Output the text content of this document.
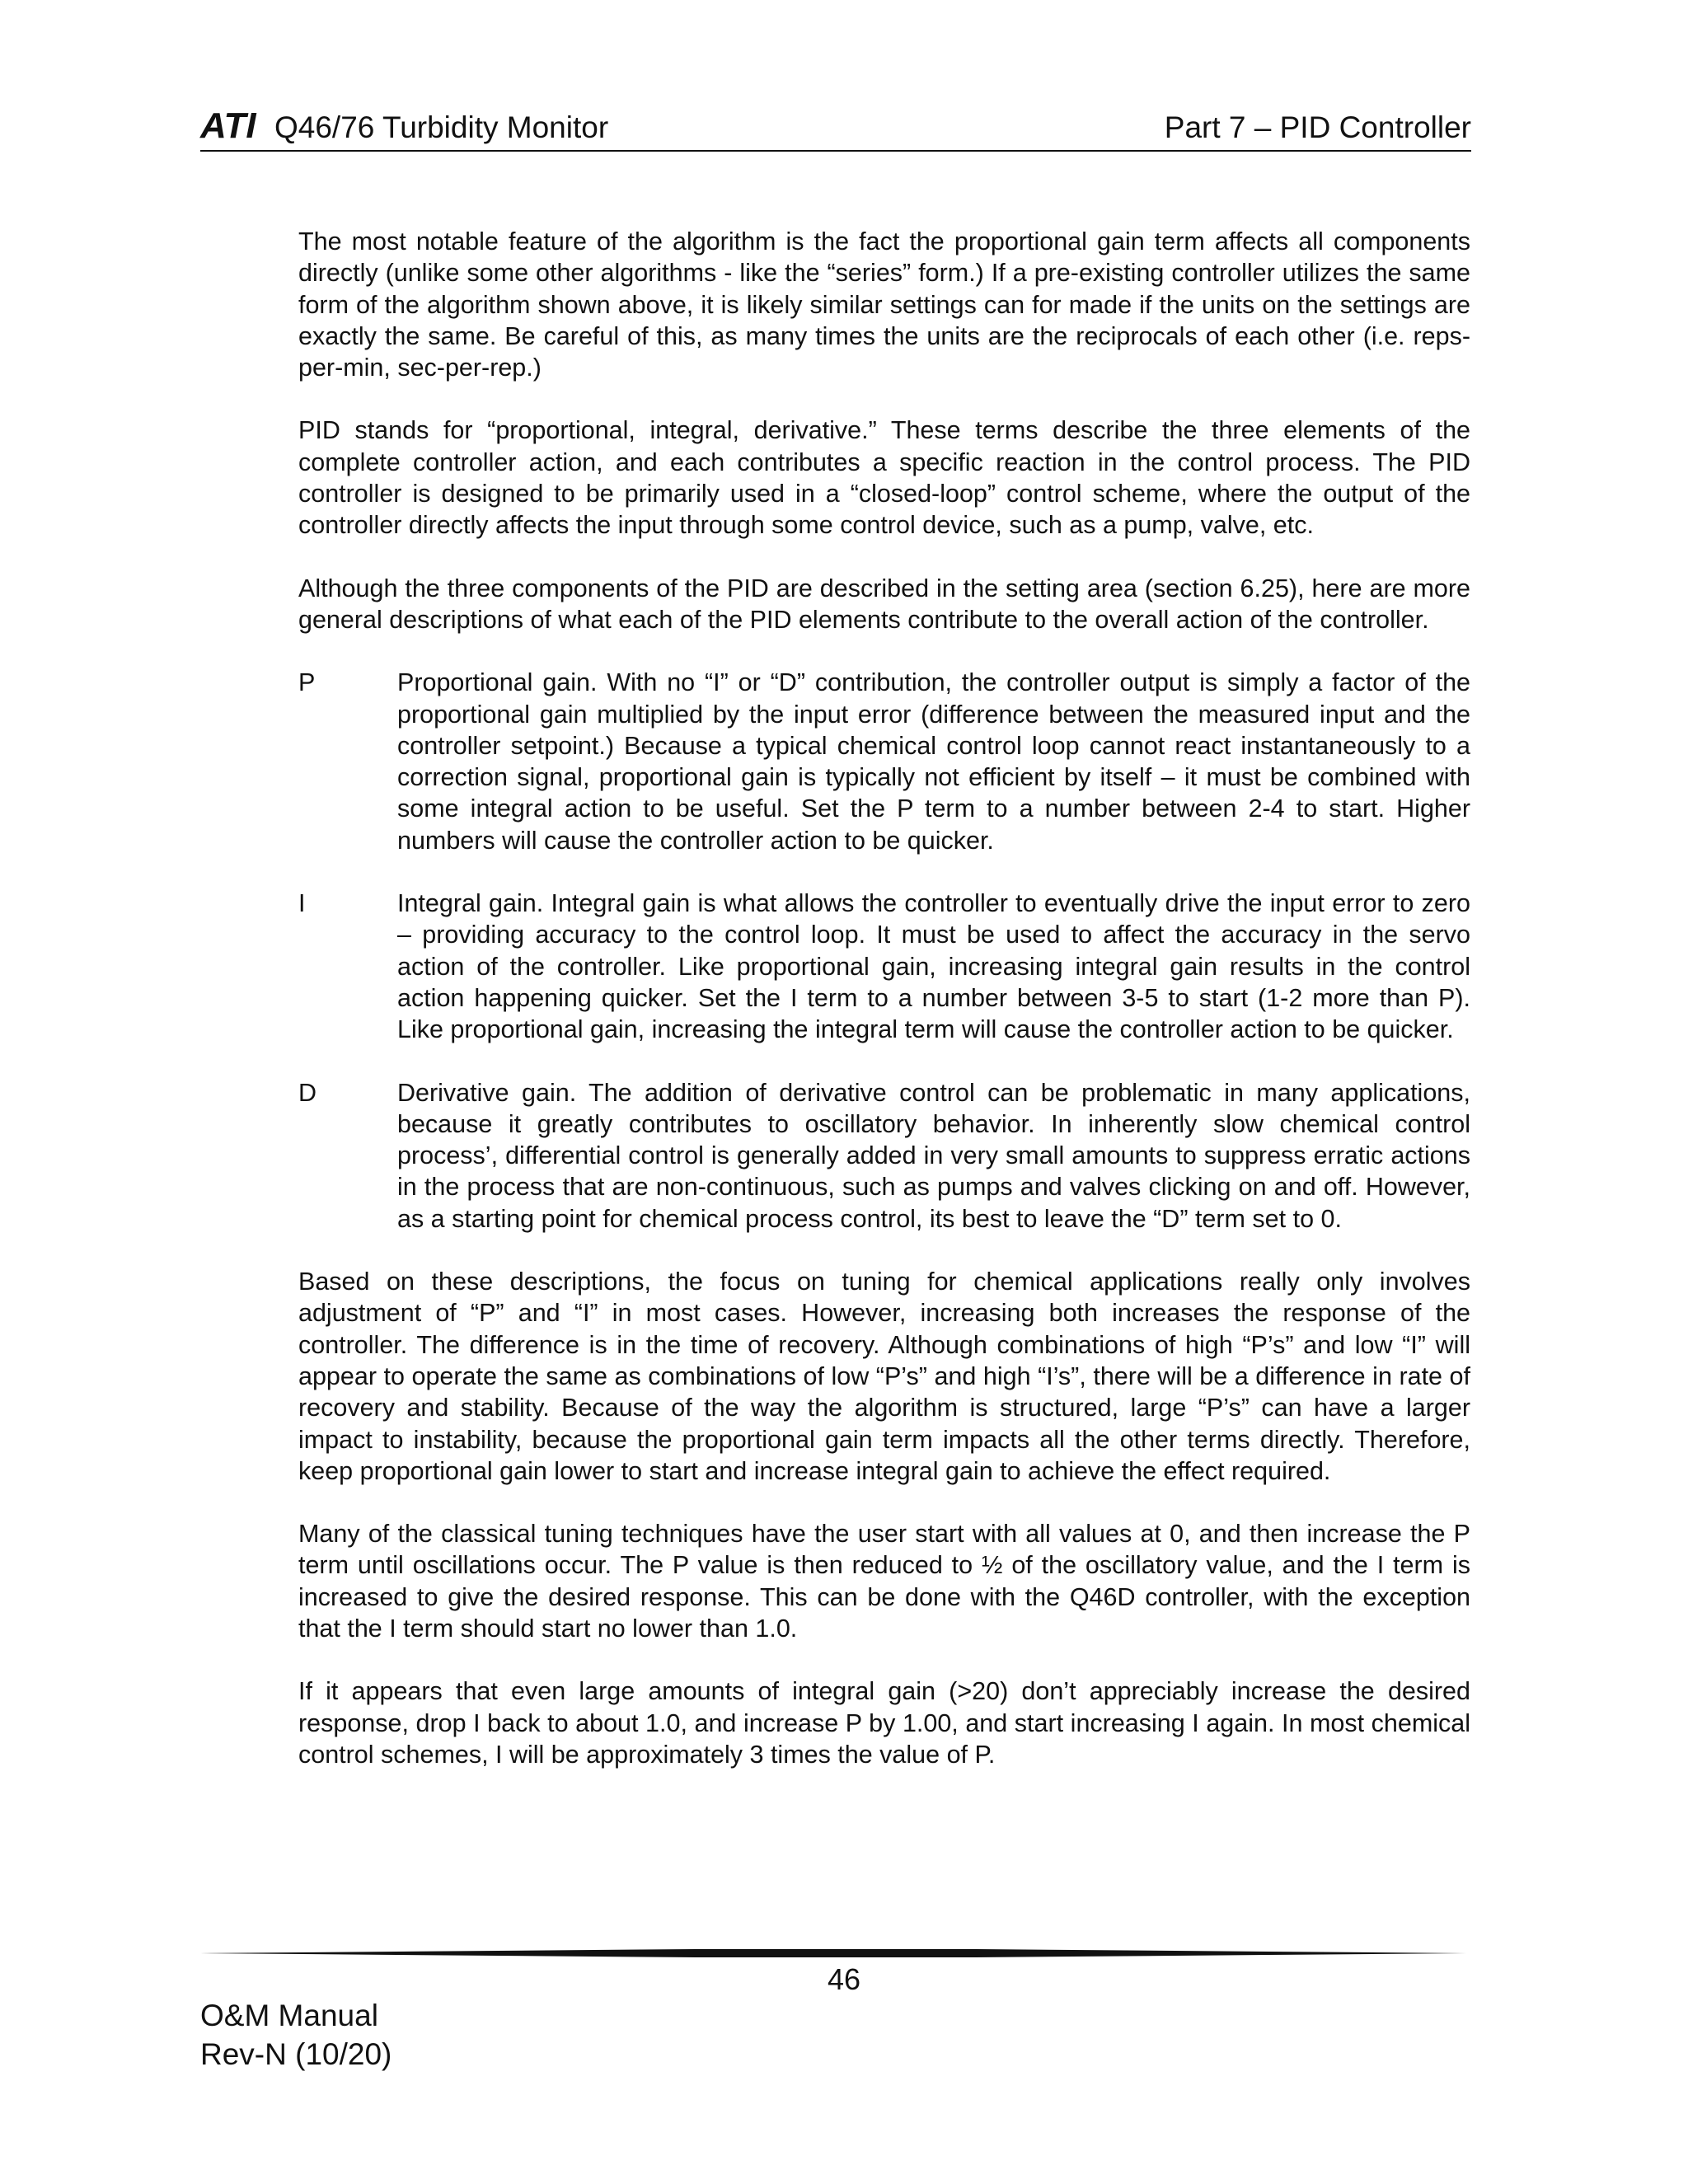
ATI Q46/76 Turbidity Monitor	Part 7 – PID Controller

The most notable feature of the algorithm is the fact the proportional gain term affects all components directly (unlike some other algorithms - like the “series” form.) If a pre-existing controller utilizes the same form of the algorithm shown above, it is likely similar settings can for made if the units on the settings are exactly the same. Be careful of this, as many times the units are the reciprocals of each other (i.e. reps-per-min, sec-per-rep.)

PID stands for “proportional, integral, derivative.” These terms describe the three elements of the complete controller action, and each contributes a specific reaction in the control process. The PID controller is designed to be primarily used in a “closed-loop” control scheme, where the output of the controller directly affects the input through some control device, such as a pump, valve, etc.

Although the three components of the PID are described in the setting area (section 6.25), here are more general descriptions of what each of the PID elements contribute to the overall action of the controller.

P	Proportional gain. With no “I” or “D” contribution, the controller output is simply a factor of the proportional gain multiplied by the input error (difference between the measured input and the controller setpoint.) Because a typical chemical control loop cannot react instantaneously to a correction signal, proportional gain is typically not efficient by itself – it must be combined with some integral action to be useful. Set the P term to a number between 2-4 to start. Higher numbers will cause the controller action to be quicker.
I	Integral gain. Integral gain is what allows the controller to eventually drive the input error to zero – providing accuracy to the control loop. It must be used to affect the accuracy in the servo action of the controller. Like proportional gain, increasing integral gain results in the control action happening quicker. Set the I term to a number between 3-5 to start (1-2 more than P). Like proportional gain, increasing the integral term will cause the controller action to be quicker.
D	Derivative gain. The addition of derivative control can be problematic in many applications, because it greatly contributes to oscillatory behavior. In inherently slow chemical control process’, differential control is generally added in very small amounts to suppress erratic actions in the process that are non-continuous, such as pumps and valves clicking on and off. However, as a starting point for chemical process control, its best to leave the “D” term set to 0.

Based on these descriptions, the focus on tuning for chemical applications really only involves adjustment of “P” and “I” in most cases. However, increasing both increases the response of the controller. The difference is in the time of recovery. Although combinations of high “P’s” and low “I” will appear to operate the same as combinations of low “P’s” and high “I’s”, there will be a difference in rate of recovery and stability. Because of the way the algorithm is structured, large “P’s” can have a larger impact to instability, because the proportional gain term impacts all the other terms directly. Therefore, keep proportional gain lower to start and increase integral gain to achieve the effect required.

Many of the classical tuning techniques have the user start with all values at 0, and then increase the P term until oscillations occur. The P value is then reduced to ½ of the oscillatory value, and the I term is increased to give the desired response. This can be done with the Q46D controller, with the exception that the I term should start no lower than 1.0.

If it appears that even large amounts of integral gain (>20) don’t appreciably increase the desired response, drop I back to about 1.0, and increase P by 1.00, and start increasing I again. In most chemical control schemes, I will be approximately 3 times the value of P.

46
O&M Manual
Rev-N (10/20)
